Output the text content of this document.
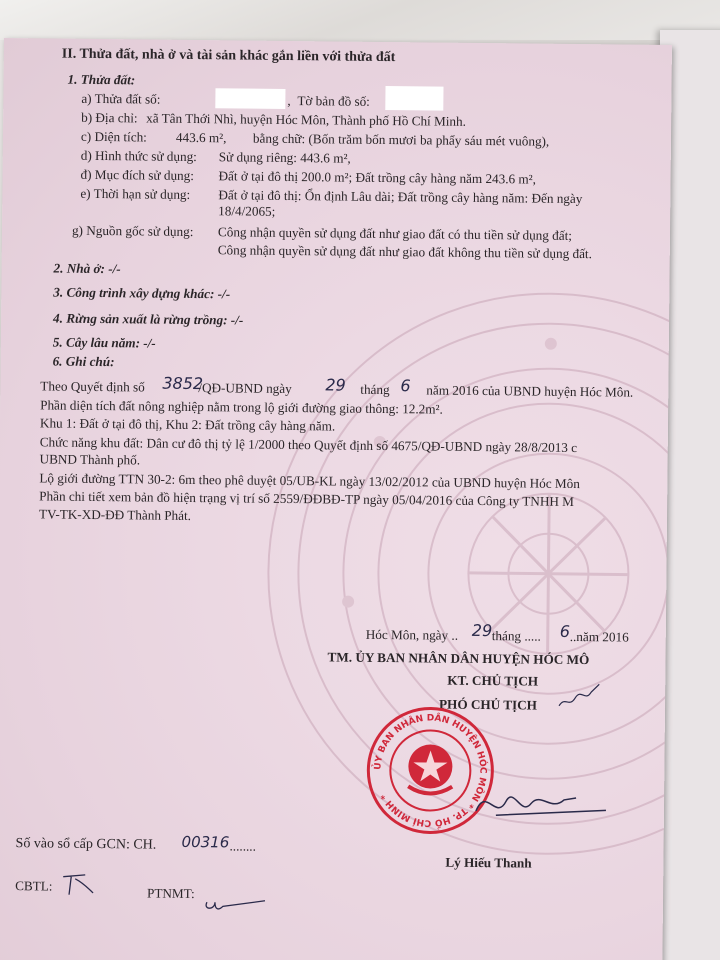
II. Thửa đất, nhà ở và tài sản khác gắn liền với thửa đất
1. Thửa đất:
a) Thửa đất số:	, Tờ bản đồ số:
b) Địa chỉ: xã Tân Thới Nhì, huyện Hóc Môn, Thành phố Hồ Chí Minh.
c) Diện tích: 443.6 m², bằng chữ: (Bốn trăm bốn mươi ba phẩy sáu mét vuông),
d) Hình thức sử dụng: Sử dụng riêng: 443.6 m²,
đ) Mục đích sử dụng: Đất ở tại đô thị 200.0 m²; Đất trồng cây hàng năm 243.6 m²,
e) Thời hạn sử dụng: Đất ở tại đô thị: Ổn định Lâu dài; Đất trồng cây hàng năm: Đến ngày
18/4/2065;
g) Nguồn gốc sử dụng: Công nhận quyền sử dụng đất như giao đất có thu tiền sử dụng đất;
Công nhận quyền sử dụng đất như giao đất không thu tiền sử dụng đất.
2. Nhà ở: -/-
3. Công trình xây dựng khác: -/-
4. Rừng sản xuất là rừng trồng: -/-
5. Cây lâu năm: -/-
6. Ghi chú:
Theo Quyết định số 3852
/QĐ-UBND ngày 29 tháng 6 năm 2016 của UBND huyện Hóc Môn.
Phần diện tích đất nông nghiệp nằm trong lộ giới đường giao thông: 12.2m².
Khu 1: Đất ở tại đô thị, Khu 2: Đất trồng cây hàng năm.
Chức năng khu đất: Dân cư đô thị tỷ lệ 1/2000 theo Quyết định số 4675/QĐ-UBND ngày 28/8/2013 c
UBND Thành phố.
Lộ giới đường TTN 30-2: 6m theo phê duyệt 05/UB-KL ngày 13/02/2012 của UBND huyện Hóc Môn
Phần chi tiết xem bản đồ hiện trạng vị trí số 2559/ĐĐBĐ-TP ngày 05/04/2016 của Công ty TNHH M
TV-TK-XD-ĐĐ Thành Phát.
Hóc Môn, ngày .. 29 tháng ..... 6 ..năm 2016
TM. ỦY BAN NHÂN DÂN HUYỆN HÓC MÔ
KT. CHỦ TỊCH
PHÓ CHỦ TỊCH
ỦY BAN NHÂN DÂN HUYỆN HÓC MÔN * TP. HỒ CHÍ MINH *
Lý Hiếu Thanh
Số vào sổ cấp GCN: CH. 00316 ........
CBTL:	PTNMT:
